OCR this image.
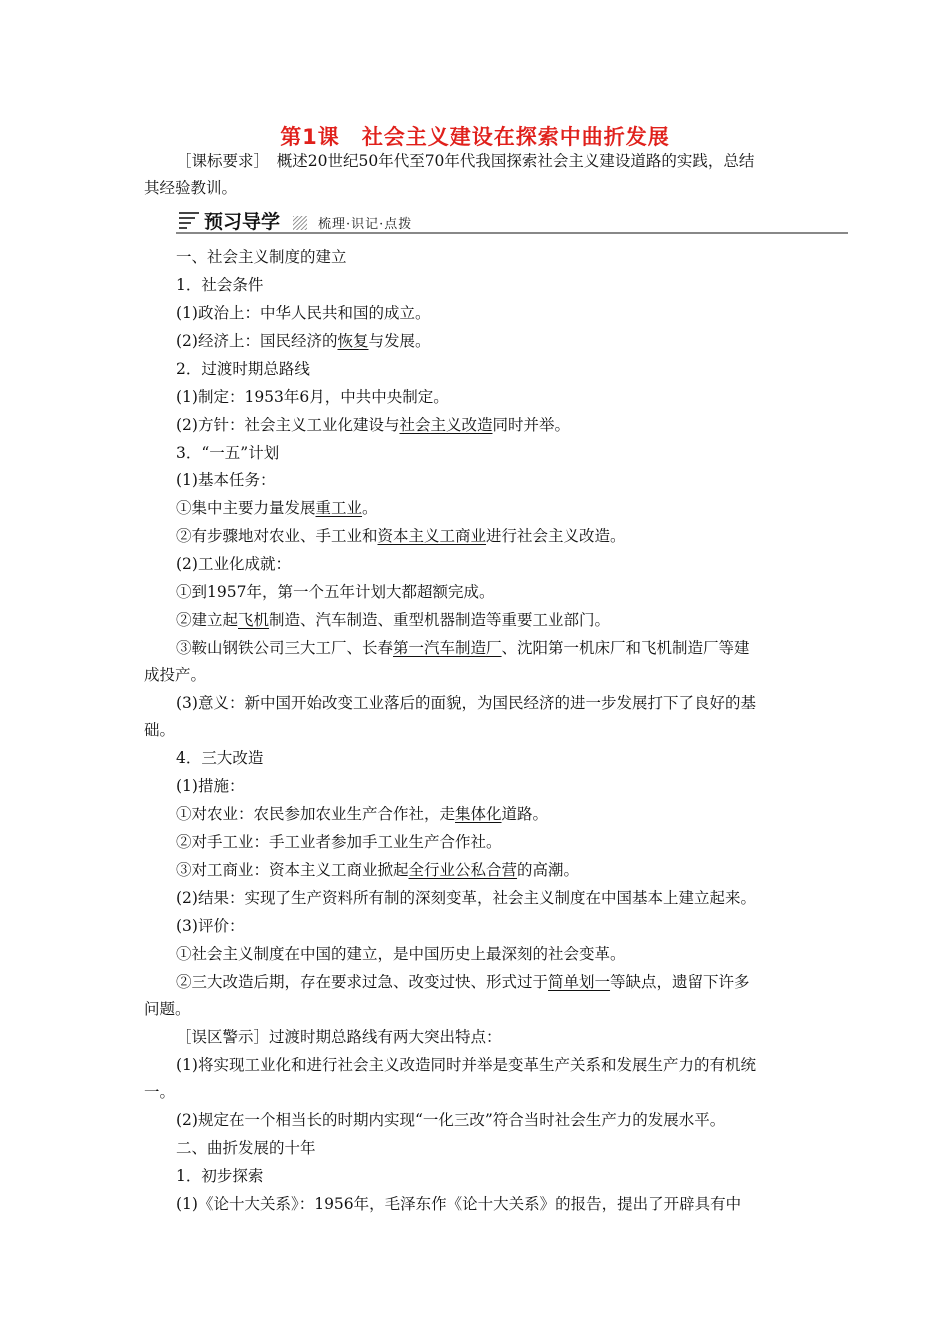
第1课 社会主义建设在探索中曲折发展
［课标要求］　概述20世纪50年代至70年代我国探索社会主义建设道路的实践，总结
其经验教训。
预习导学	梳理·识记·点拨
一、社会主义制度的建立
1．社会条件
(1)政治上：中华人民共和国的成立。
(2)经济上：国民经济的恢复与发展。
2．过渡时期总路线
(1)制定：1953年6月，中共中央制定。
(2)方针：社会主义工业化建设与社会主义改造同时并举。
3．“一五”计划
(1)基本任务：
①集中主要力量发展重工业。
②有步骤地对农业、手工业和资本主义工商业进行社会主义改造。
(2)工业化成就：
①到1957年，第一个五年计划大都超额完成。
②建立起飞机制造、汽车制造、重型机器制造等重要工业部门。
③鞍山钢铁公司三大工厂、长春第一汽车制造厂、沈阳第一机床厂和飞机制造厂等建
成投产。
(3)意义：新中国开始改变工业落后的面貌，为国民经济的进一步发展打下了良好的基
础。
4．三大改造
(1)措施：
①对农业：农民参加农业生产合作社，走集体化道路。
②对手工业：手工业者参加手工业生产合作社。
③对工商业：资本主义工商业掀起全行业公私合营的高潮。
(2)结果：实现了生产资料所有制的深刻变革，社会主义制度在中国基本上建立起来。
(3)评价：
①社会主义制度在中国的建立，是中国历史上最深刻的社会变革。
②三大改造后期，存在要求过急、改变过快、形式过于简单划一等缺点，遗留下许多
问题。
［误区警示］过渡时期总路线有两大突出特点：
(1)将实现工业化和进行社会主义改造同时并举是变革生产关系和发展生产力的有机统
一。
(2)规定在一个相当长的时期内实现“一化三改”符合当时社会生产力的发展水平。
二、曲折发展的十年
1．初步探索
(1)《论十大关系》：1956年，毛泽东作《论十大关系》的报告，提出了开辟具有中
